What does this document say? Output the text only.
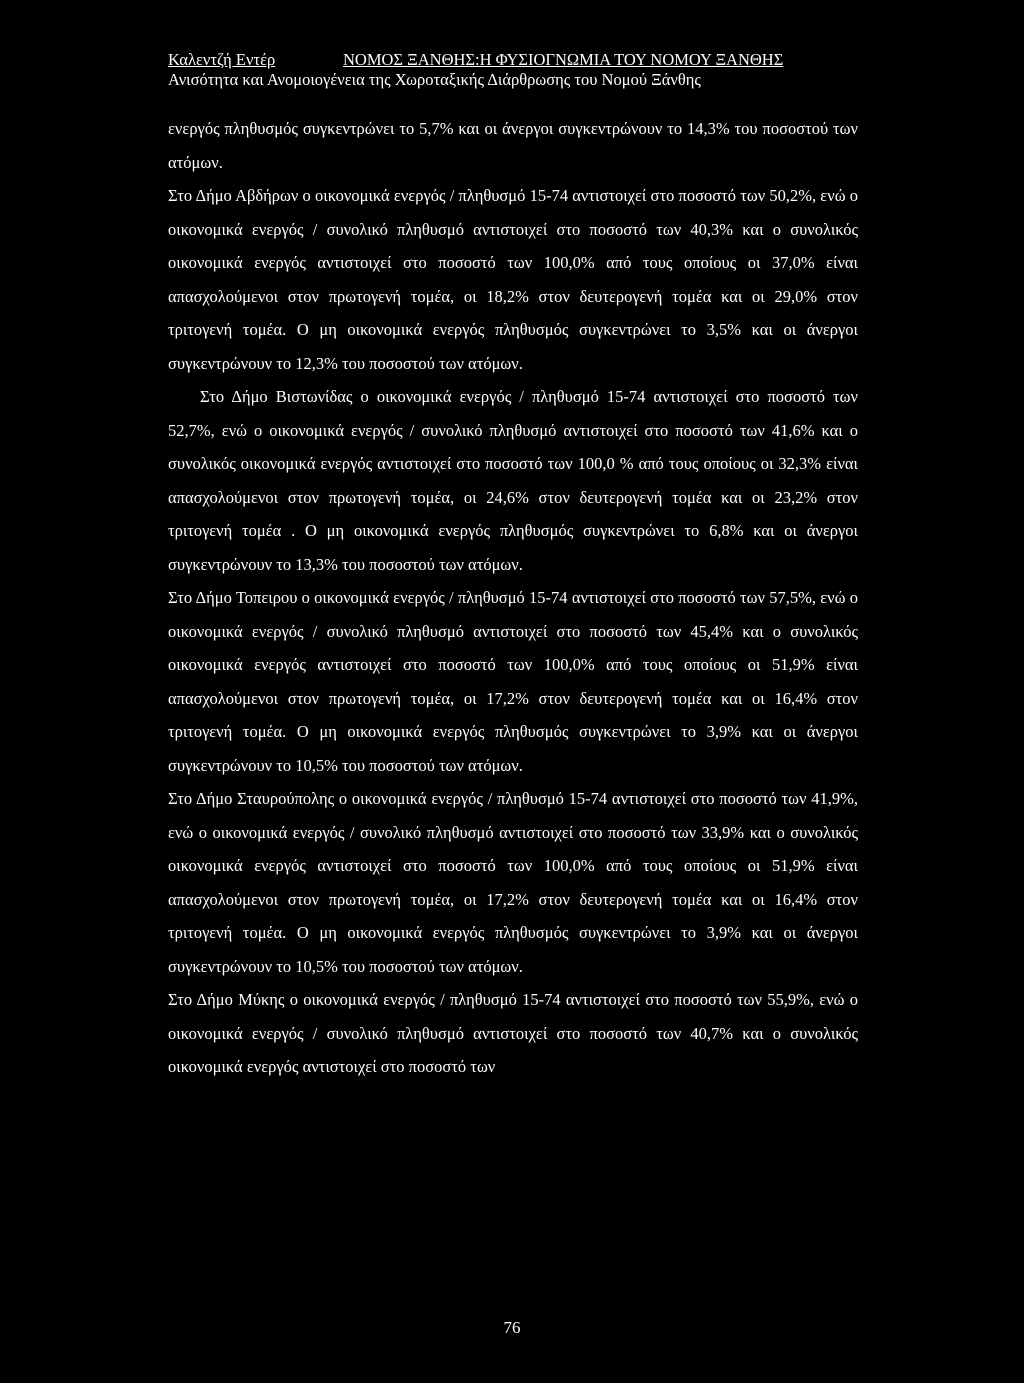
Καλεντζή Εντέρ	ΝΟΜΟΣ ΞΑΝΘΗΣ:Η ΦΥΣΙΟΓΝΩΜΙΑ ΤΟΥ ΝΟΜΟΥ ΞΑΝΘΗΣ
Ανισότητα και Ανομοιογένεια της Χωροταξικής Διάρθρωσης του Νομού Ξάνθης

ενεργός πληθυσμός συγκεντρώνει το 5,7% και οι άνεργοι συγκεντρώνουν το 14,3% του ποσοστού των ατόμων.

Στο Δήμο Αβδήρων ο οικονομικά ενεργός / πληθυσμό 15-74 αντιστοιχεί στο ποσοστό των 50,2%, ενώ ο οικονομικά ενεργός / συνολικό πληθυσμό αντιστοιχεί στο ποσοστό των 40,3% και ο συνολικός οικονομικά ενεργός αντιστοιχεί στο ποσοστό των 100,0% από τους οποίους οι 37,0% είναι απασχολούμενοι στον πρωτογενή τομέα, οι 18,2% στον δευτερογενή τομέα και οι 29,0% στον τριτογενή τομέα. Ο μη οικονομικά ενεργός πληθυσμός συγκεντρώνει το 3,5% και οι άνεργοι συγκεντρώνουν το 12,3% του ποσοστού των ατόμων.

Στο Δήμο Βιστωνίδας ο οικονομικά ενεργός / πληθυσμό 15-74 αντιστοιχεί στο ποσοστό των 52,7%, ενώ ο οικονομικά ενεργός / συνολικό πληθυσμό αντιστοιχεί στο ποσοστό των 41,6% και ο συνολικός οικονομικά ενεργός αντιστοιχεί στο ποσοστό των 100,0 % από τους οποίους οι 32,3% είναι απασχολούμενοι στον πρωτογενή τομέα, οι 24,6% στον δευτερογενή τομέα και οι 23,2% στον τριτογενή τομέα . Ο μη οικονομικά ενεργός πληθυσμός συγκεντρώνει το 6,8% και οι άνεργοι συγκεντρώνουν το 13,3% του ποσοστού των ατόμων.

Στο Δήμο Τοπειρου ο οικονομικά ενεργός / πληθυσμό 15-74 αντιστοιχεί στο ποσοστό των 57,5%, ενώ ο οικονομικά ενεργός / συνολικό πληθυσμό αντιστοιχεί στο ποσοστό των 45,4% και ο συνολικός οικονομικά ενεργός αντιστοιχεί στο ποσοστό των 100,0% από τους οποίους οι 51,9% είναι απασχολούμενοι στον πρωτογενή τομέα, οι 17,2% στον δευτερογενή τομέα και οι 16,4% στον τριτογενή τομέα. Ο μη οικονομικά ενεργός πληθυσμός συγκεντρώνει το 3,9% και οι άνεργοι συγκεντρώνουν το 10,5% του ποσοστού των ατόμων.

Στο Δήμο Σταυρούπολης ο οικονομικά ενεργός / πληθυσμό 15-74 αντιστοιχεί στο ποσοστό των 41,9%, ενώ ο οικονομικά ενεργός / συνολικό πληθυσμό αντιστοιχεί στο ποσοστό των 33,9% και ο συνολικός οικονομικά ενεργός αντιστοιχεί στο ποσοστό των 100,0% από τους οποίους οι 51,9% είναι απασχολούμενοι στον πρωτογενή τομέα, οι 17,2% στον δευτερογενή τομέα και οι 16,4% στον τριτογενή τομέα. Ο μη οικονομικά ενεργός πληθυσμός συγκεντρώνει το 3,9% και οι άνεργοι συγκεντρώνουν το 10,5% του ποσοστού των ατόμων.

Στο Δήμο Μύκης ο οικονομικά ενεργός / πληθυσμό 15-74 αντιστοιχεί στο ποσοστό των 55,9%, ενώ ο οικονομικά ενεργός / συνολικό πληθυσμό αντιστοιχεί στο ποσοστό των 40,7% και ο συνολικός οικονομικά ενεργός αντιστοιχεί στο ποσοστό των

76
